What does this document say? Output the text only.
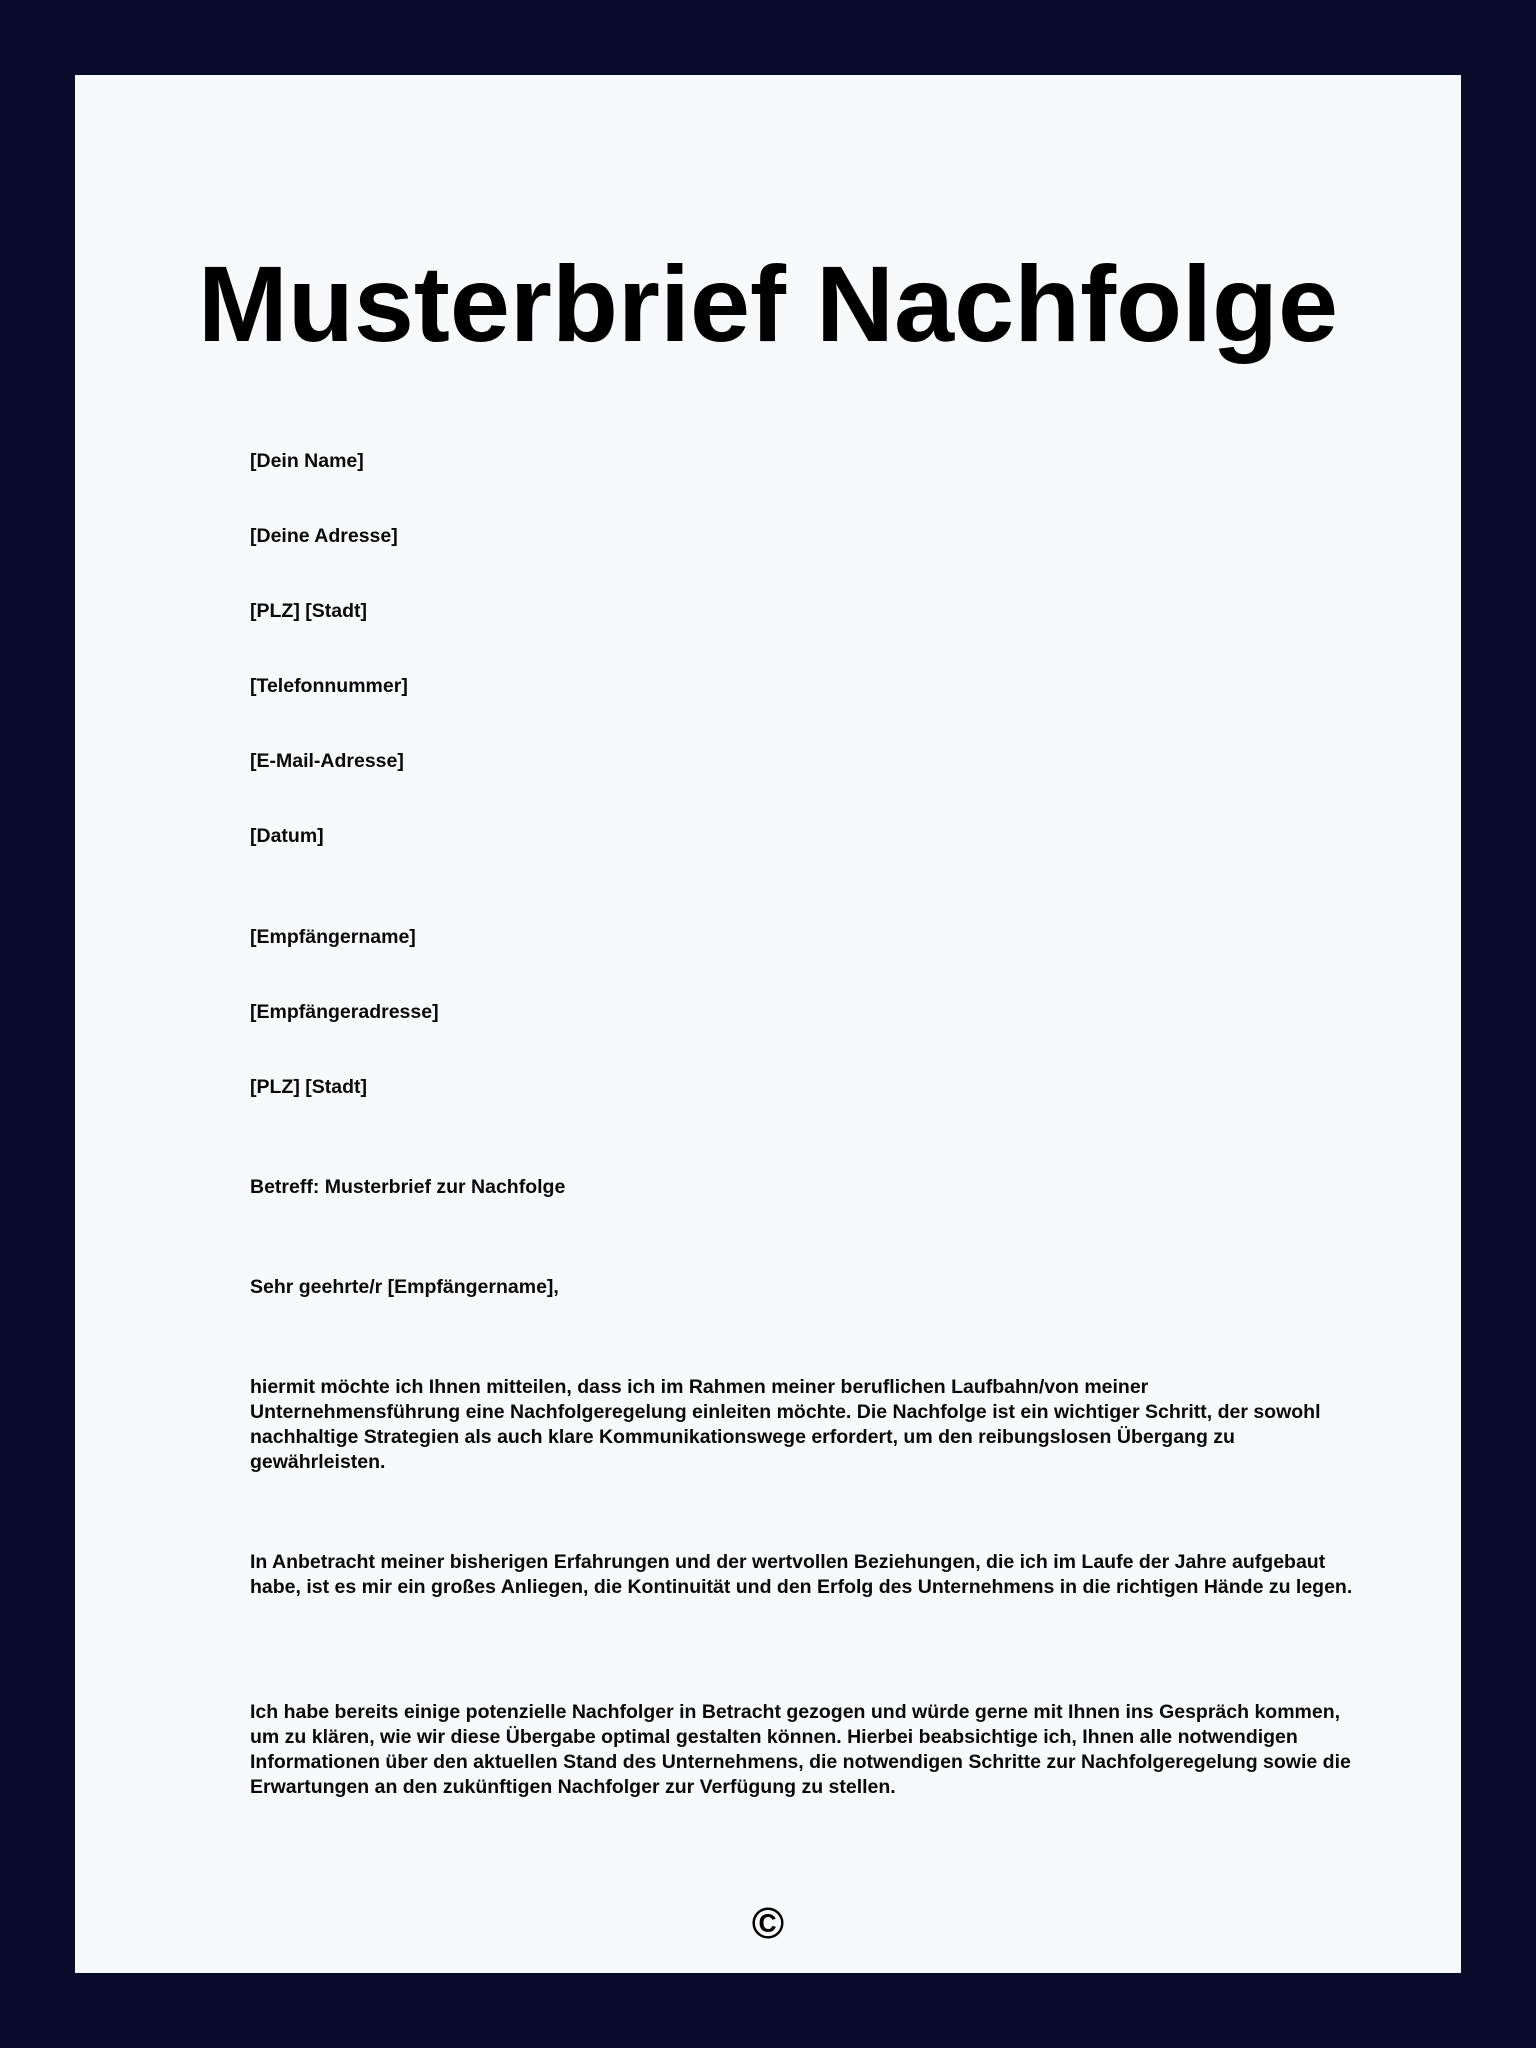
Musterbrief Nachfolge

[Dein Name]

[Deine Adresse]

[PLZ] [Stadt]

[Telefonnummer]

[E-Mail-Adresse]

[Datum]

[Empfängername]

[Empfängeradresse]

[PLZ] [Stadt]

Betreff: Musterbrief zur Nachfolge

Sehr geehrte/r [Empfängername],

hiermit möchte ich Ihnen mitteilen, dass ich im Rahmen meiner beruflichen Laufbahn/von meiner Unternehmensführung eine Nachfolgeregelung einleiten möchte. Die Nachfolge ist ein wichtiger Schritt, der sowohl nachhaltige Strategien als auch klare Kommunikationswege erfordert, um den reibungslosen Übergang zu gewährleisten.

In Anbetracht meiner bisherigen Erfahrungen und der wertvollen Beziehungen, die ich im Laufe der Jahre aufgebaut habe, ist es mir ein großes Anliegen, die Kontinuität und den Erfolg des Unternehmens in die richtigen Hände zu legen.

Ich habe bereits einige potenzielle Nachfolger in Betracht gezogen und würde gerne mit Ihnen ins Gespräch kommen, um zu klären, wie wir diese Übergabe optimal gestalten können. Hierbei beabsichtige ich, Ihnen alle notwendigen Informationen über den aktuellen Stand des Unternehmens, die notwendigen Schritte zur Nachfolgeregelung sowie die Erwartungen an den zukünftigen Nachfolger zur Verfügung zu stellen.

©
